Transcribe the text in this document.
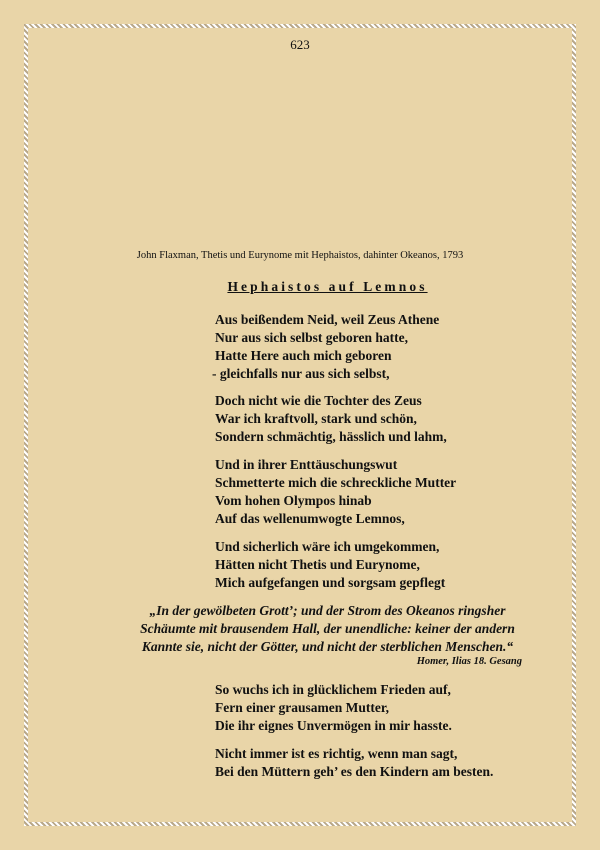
623
John Flaxman, Thetis und Eurynome mit Hephaistos, dahinter Okeanos, 1793
Hephaistos auf Lemnos
Aus beißendem Neid, weil Zeus Athene
Nur aus sich selbst geboren hatte,
Hatte Here auch mich geboren
- gleichfalls nur aus sich selbst,
Doch nicht wie die Tochter des Zeus
War ich kraftvoll, stark und schön,
Sondern schmächtig, hässlich und lahm,
Und in ihrer Enttäuschungswut
Schmetterte mich die schreckliche Mutter
Vom hohen Olympos hinab
Auf das wellenumwogte Lemnos,
Und sicherlich wäre ich umgekommen,
Hätten nicht Thetis und Eurynome,
Mich aufgefangen und sorgsam gepflegt
„In der gewölbeten Grott’; und der Strom des Okeanos ringsher
Schäumte mit brausendem Hall, der unendliche: keiner der andern
Kannte sie, nicht der Götter, und nicht der sterblichen Menschen.“
Homer, Ilias 18. Gesang
So wuchs ich in glücklichem Frieden auf,
Fern einer grausamen Mutter,
Die ihr eignes Unvermögen in mir hasste.
Nicht immer ist es richtig, wenn man sagt,
Bei den Müttern geh’ es den Kindern am besten.
